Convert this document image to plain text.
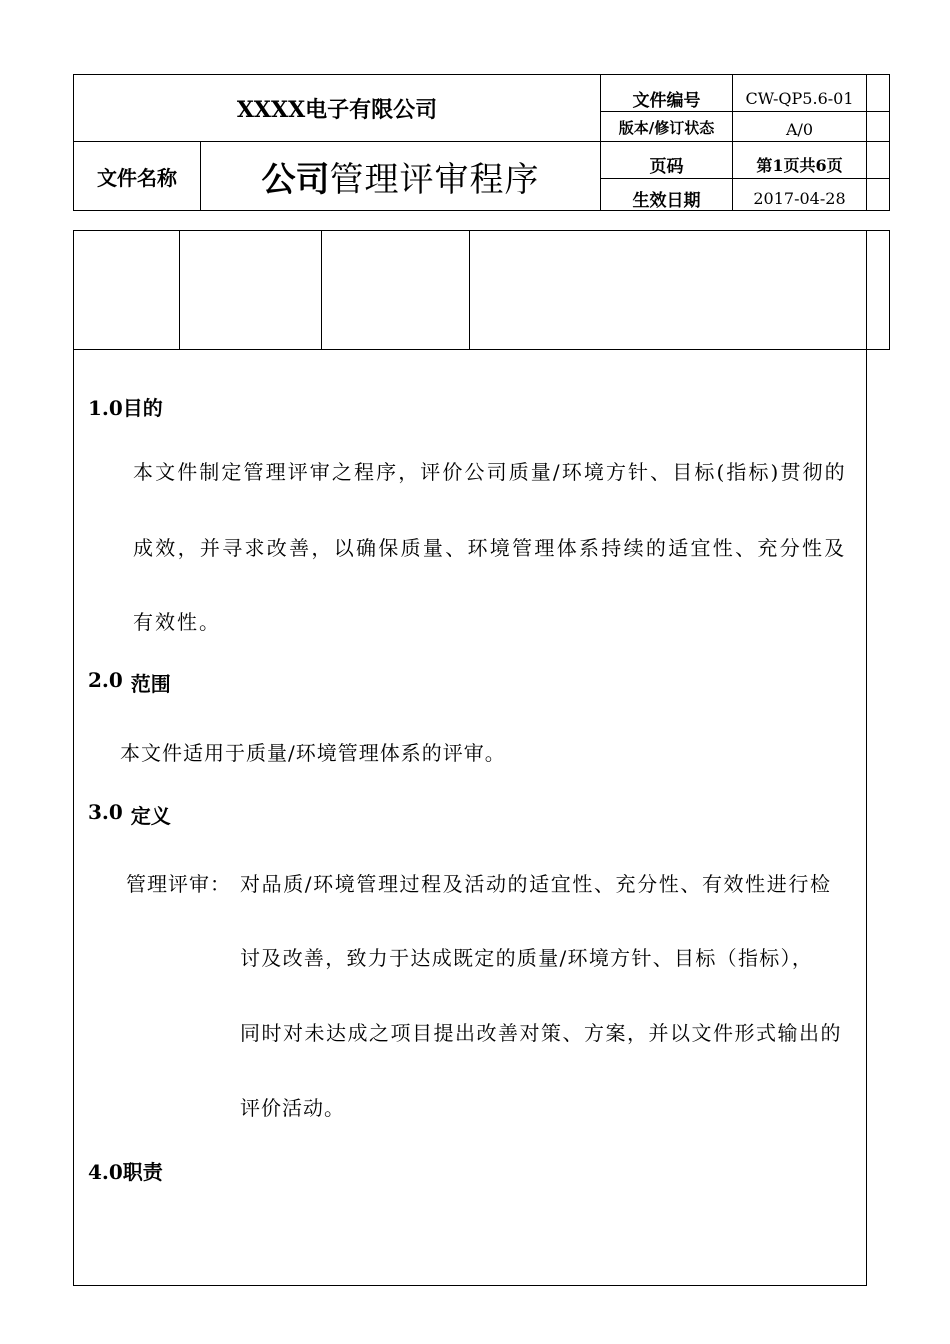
XXXX电子有限公司
文件名称	公司 管理评审程序
文件编号	CW-QP5.6-01
版本/修订状态	A/0
页码	第1页共6页
生效日期	2017-04-28
1.0目的
本文件制定管理评审之程序，评价公司质量/环境方针、目标(指标)贯彻的
成效，并寻求改善，以确保质量、环境管理体系持续的适宜性、充分性及
有效性。
2.0 范围
本文件适用于质量/环境管理体系的评审。
3.0 定义
管理评审： 对品质/环境管理过程及活动的适宜性、充分性、有效性进行检
讨及改善，致力于达成既定的质量/环境方针、目标（指标），
同时对未达成之项目提出改善对策、方案，并以文件形式输出的
评价活动。
4.0职责
